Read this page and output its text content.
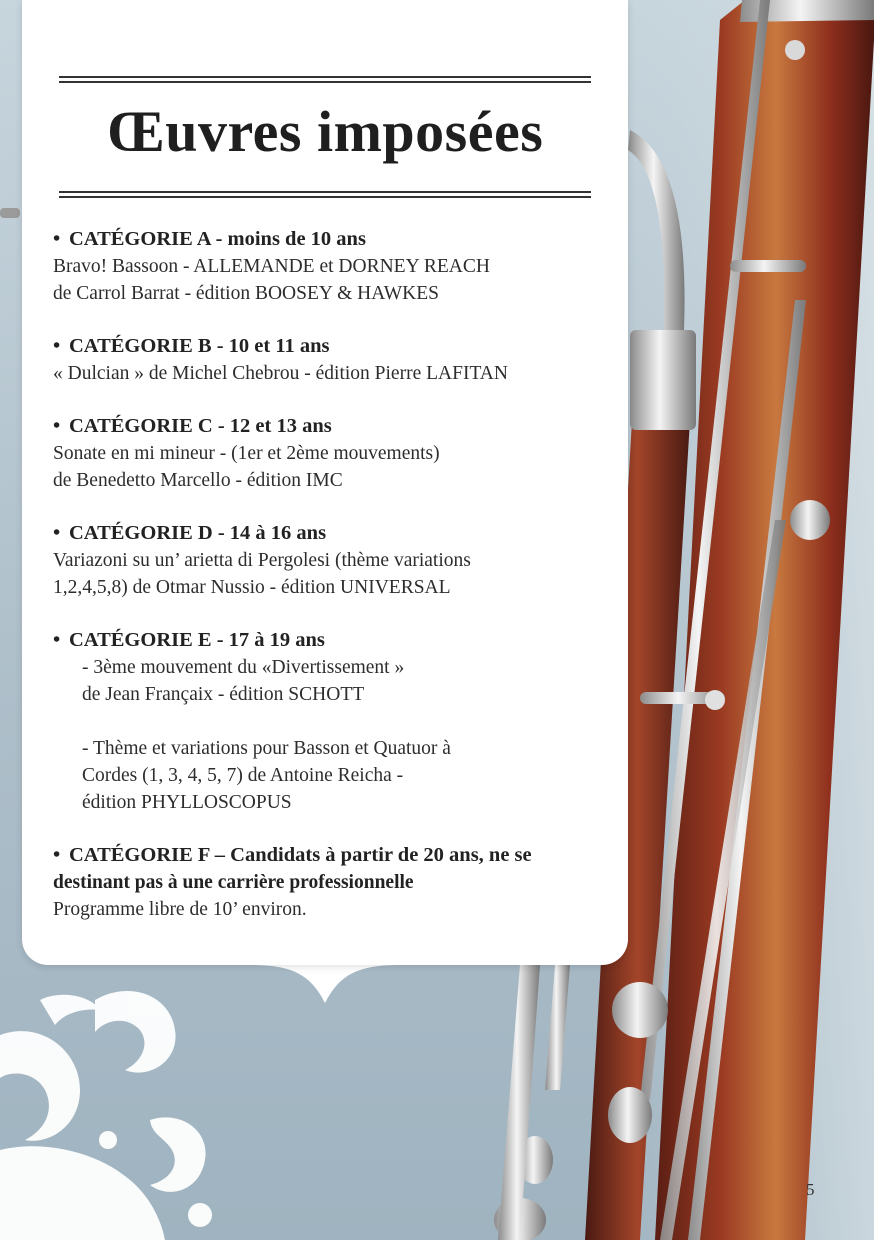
Œuvres imposées
• CATÉGORIE A - moins de 10 ans
Bravo! Bassoon - ALLEMANDE et DORNEY REACH
de Carrol Barrat - édition BOOSEY & HAWKES
• CATÉGORIE B - 10 et 11 ans
« Dulcian » de Michel Chebrou - édition Pierre LAFITAN
• CATÉGORIE C - 12 et 13 ans
Sonate en mi mineur - (1er et 2ème mouvements)
de Benedetto Marcello - édition IMC
• CATÉGORIE D - 14 à 16 ans
Variazoni su un’ arietta di Pergolesi (thème variations
1,2,4,5,8) de Otmar Nussio - édition UNIVERSAL
• CATÉGORIE E - 17 à 19 ans
- 3ème mouvement du «Divertissement »
de Jean Françaix - édition SCHOTT
- Thème et variations pour Basson et Quatuor à
Cordes (1, 3, 4, 5, 7) de Antoine Reicha -
édition PHYLLOSCOPUS
• CATÉGORIE F – Candidats à partir de 20 ans, ne se
destinant pas à une carrière professionnelle
Programme libre de 10’ environ.
5
